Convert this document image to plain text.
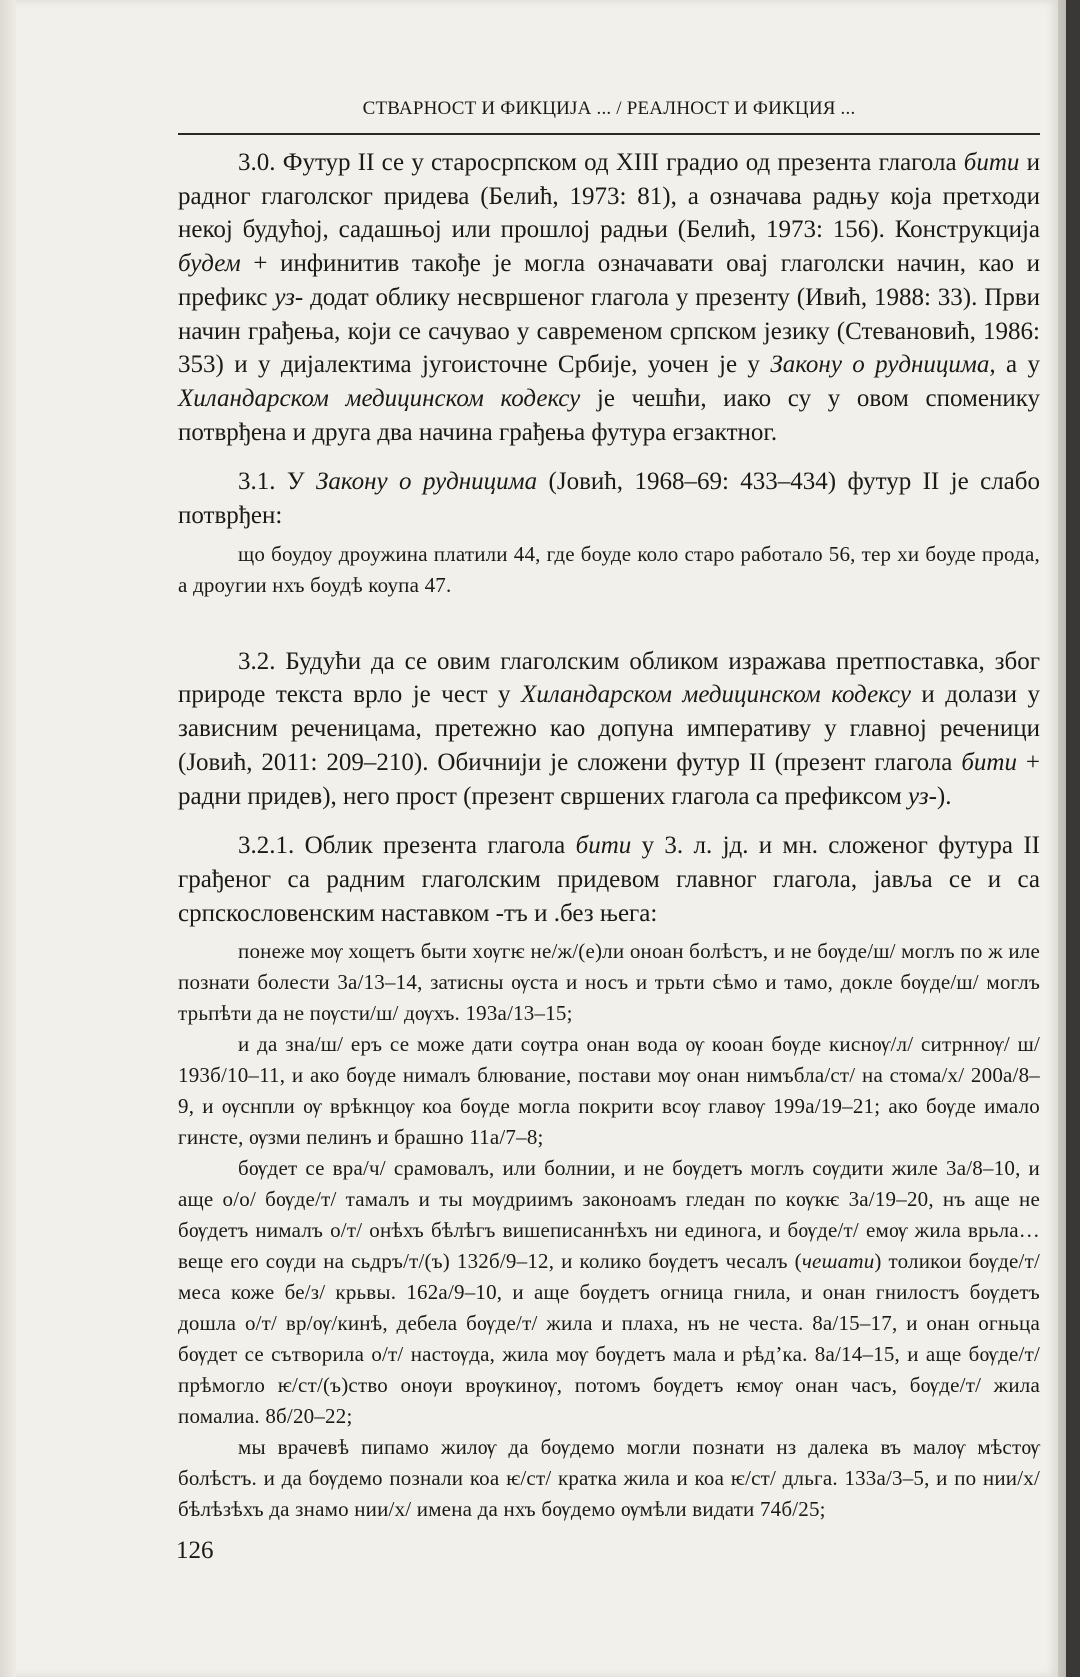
СТВАРНОСТ И ФИКЦИЈА ... / РЕАЛНОСТ И ФИКЦИЯ ...

3.0. Футур II се у старосрпском од XIII градио од презента глагола бити и радног глаголског придева (Белић, 1973: 81), а означава радњу која претходи некој будућој, садашњој или прошлој радњи (Белић, 1973: 156). Конструкција будем + инфинитив такође је могла означавати овај глаголски начин, као и префикс уз- додат облику несвршеног глагола у презенту (Ивић, 1988: 33). Први начин грађења, који се сачувао у савременом српском језику (Стевановић, 1986: 353) и у дијалектима југоисточне Србије, уочен је у Закону о рудницима, а у Хиландарском медицинском кодексу је чешћи, иако су у овом споменику потврђена и друга два начина грађења футура егзактног.

3.1. У Закону о рудницима (Јовић, 1968–69: 433–434) футур II је слабо потврђен:

що боудоу дроужина платили 44, где боуде коло старо работало 56, тер хи боуде прода, а дроугии нхъ боудѣ коупа 47.

3.2. Будући да се овим глаголским обликом изражава претпоставка, због природе текста врло је чест у Хиландарском медицинском кодексу и долази у зависним реченицама, претежно као допуна императиву у главној реченици (Јовић, 2011: 209–210). Обичнији је сложени футур II (презент глагола бити + радни придев), него прост (презент свршених глагола са префиксом уз-).

3.2.1. Облик презента глагола бити у 3. л. јд. и мн. сложеног футура II грађеног са радним глаголским придевом главног глагола, јавља се и са српскословенским наставком -тъ и .без њега:

понеже мѹ хощетъ быти хѹгѥ не/ж/(е)ли оноан болѣстъ, и не бѹде/ш/ моглъ по ж иле познати болести 3а/13–14, затисны ѹста и носъ и трьти сѣмо и тамо, докле бѹде/ш/ моглъ трьпѣти да не пѹсти/ш/ дѹхъ. 193а/13–15;

и да зна/ш/ еръ се може дати сѹтра онан вода ѹ кооан бѹде киснѹ/л/ ситрннѹ/ ш/ 193б/10–11, и ако бѹде нималъ блювание, постави мѹ онан нимъбла/ст/ на стома/х/ 200а/8–9, и ѹснпли ѹ врѣкнцѹ коа бѹде могла покрити всѹ главѹ 199а/19–21; ако бѹде имало гинсте, ѹзми пелинъ и брашно 11а/7–8;

бѹдет се вра/ч/ срамовалъ, или болнии, и не бѹдетъ моглъ сѹдити жиле 3а/8–10, и аще о/о/ бѹде/т/ тамалъ и ты мѹдриимъ законоамъ гледан по кѹкѥ 3а/19–20, нъ аще не бѹдетъ нималъ о/т/ онѣхъ бѣлѣгъ вишеписаннѣхъ ни единога, и бѹде/т/ емѹ жила врьла… веще его сѹди на сьдръ/т/(ъ) 132б/9–12, и колико бѹдетъ чесалъ (чешати) толикои бѹде/т/ меса коже бе/з/ крьвы. 162а/9–10, и аще бѹдетъ огница гнила, и онан гнилостъ бѹдетъ дошла о/т/ вр/ѹ/кинѣ, дебела бѹде/т/ жила и плаха, нъ не честа. 8а/15–17, и онан огньца бѹдет се сътворила о/т/ настѹда, жила мѹ бѹдетъ мала и рѣд’ка. 8а/14–15, и аще бѹде/т/ прѣмогло ѥ/ст/(ъ)ство онѹи врѹкинѹ, потомъ бѹдетъ ѥмѹ онан часъ, бѹде/т/ жила помалиа. 8б/20–22;

мы врачевѣ пипамо жилѹ да бѹдемо могли познати нз далека въ малѹ мѣстѹ болѣстъ. и да бѹдемо познали коа ѥ/ст/ кратка жила и коа ѥ/ст/ дльга. 133а/3–5, и по нии/х/ бѣлѣзѣхъ да знамо нии/х/ имена да нхъ бѹдемо ѹмѣли видати 74б/25;

126
